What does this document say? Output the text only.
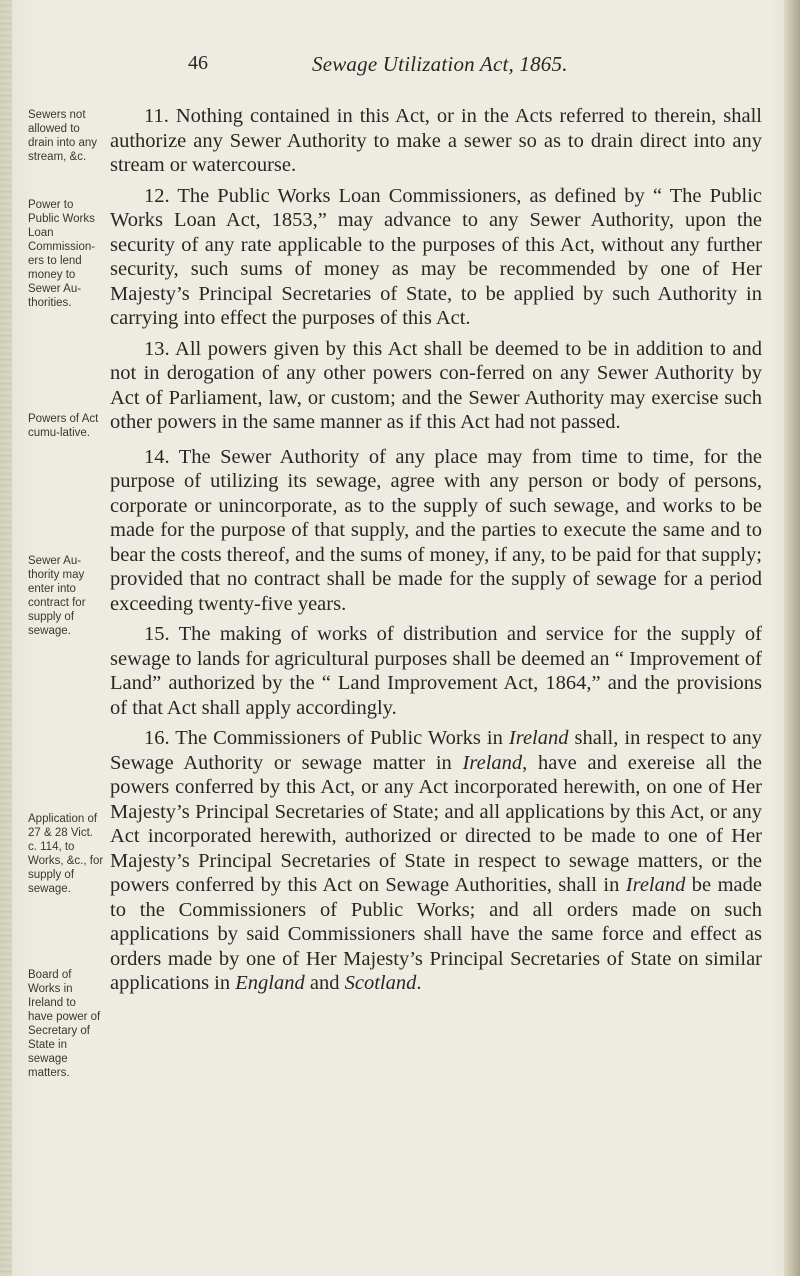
46	Sewage Utilization Act, 1865.
Sewers not allowed to drain into any stream, &c.
Power to Public Works Loan Commission-ers to lend money to Sewer Au-thorities.
Powers of Act cumu-lative.
Sewer Au-thority may enter into contract for supply of sewage.
Application of 27 & 28 Vict. c. 114, to Works, &c., for supply of sewage.
Board of Works in Ireland to have power of Secretary of State in sewage matters.

11. Nothing contained in this Act, or in the Acts referred to therein, shall authorize any Sewer Authority to make a sewer so as to drain direct into any stream or watercourse.

12. The Public Works Loan Commissioners, as defined by “ The Public Works Loan Act, 1853,” may advance to any Sewer Authority, upon the security of any rate applicable to the purposes of this Act, without any further security, such sums of money as may be recommended by one of Her Majesty’s Principal Secretaries of State, to be applied by such Authority in carrying into effect the purposes of this Act.

13. All powers given by this Act shall be deemed to be in addition to and not in derogation of any other powers con-ferred on any Sewer Authority by Act of Parliament, law, or custom; and the Sewer Authority may exercise such other powers in the same manner as if this Act had not passed.

14. The Sewer Authority of any place may from time to time, for the purpose of utilizing its sewage, agree with any person or body of persons, corporate or unincorporate, as to the supply of such sewage, and works to be made for the purpose of that supply, and the parties to execute the same and to bear the costs thereof, and the sums of money, if any, to be paid for that supply; provided that no contract shall be made for the supply of sewage for a period exceeding twenty-five years.

15. The making of works of distribution and service for the supply of sewage to lands for agricultural purposes shall be deemed an “ Improvement of Land” authorized by the “ Land Improvement Act, 1864,” and the provisions of that Act shall apply accordingly.

16. The Commissioners of Public Works in Ireland shall, in respect to any Sewage Authority or sewage matter in Ireland, have and exereise all the powers conferred by this Act, or any Act incorporated herewith, on one of Her Majesty’s Principal Secretaries of State; and all applications by this Act, or any Act incorporated herewith, authorized or directed to be made to one of Her Majesty’s Principal Secretaries of State in respect to sewage matters, or the powers conferred by this Act on Sewage Authorities, shall in Ireland be made to the Commissioners of Public Works; and all orders made on such applications by said Commissioners shall have the same force and effect as orders made by one of Her Majesty’s Principal Secretaries of State on similar applications in England and Scotland.
